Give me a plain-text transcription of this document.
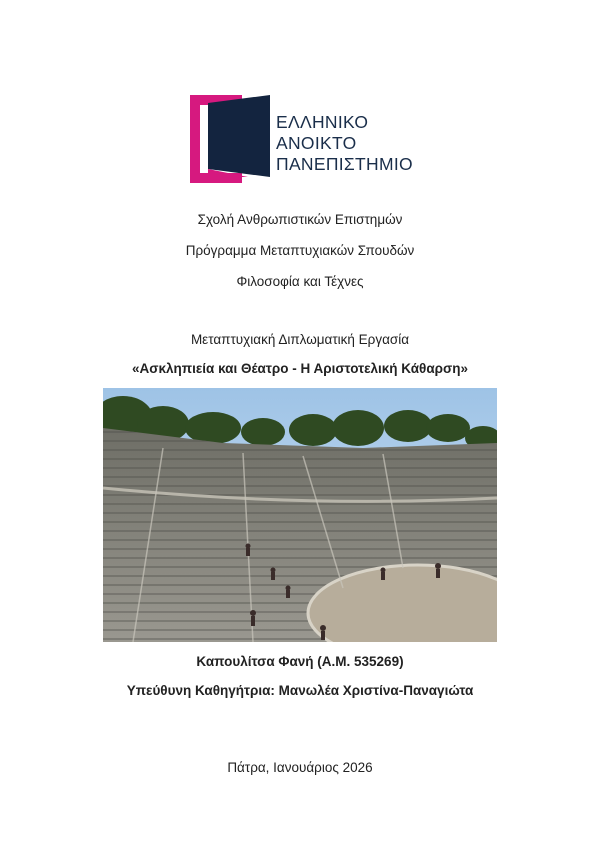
ΕΛΛΗΝΙΚΟ
ΑΝΟΙΚΤΟ
ΠΑΝΕΠΙΣΤΗΜΙΟ
Σχολή Ανθρωπιστικών Επιστημών
Πρόγραμμα Μεταπτυχιακών Σπουδών
Φιλοσοφία και Τέχνες
Μεταπτυχιακή Διπλωματική Εργασία
«Ασκληπιεία και Θέατρο - Η Αριστοτελική Κάθαρση»
Καπουλίτσα Φανή (Α.Μ. 535269)
Υπεύθυνη Καθηγήτρια: Μανωλέα Χριστίνα-Παναγιώτα
Πάτρα, Ιανουάριος 2026
